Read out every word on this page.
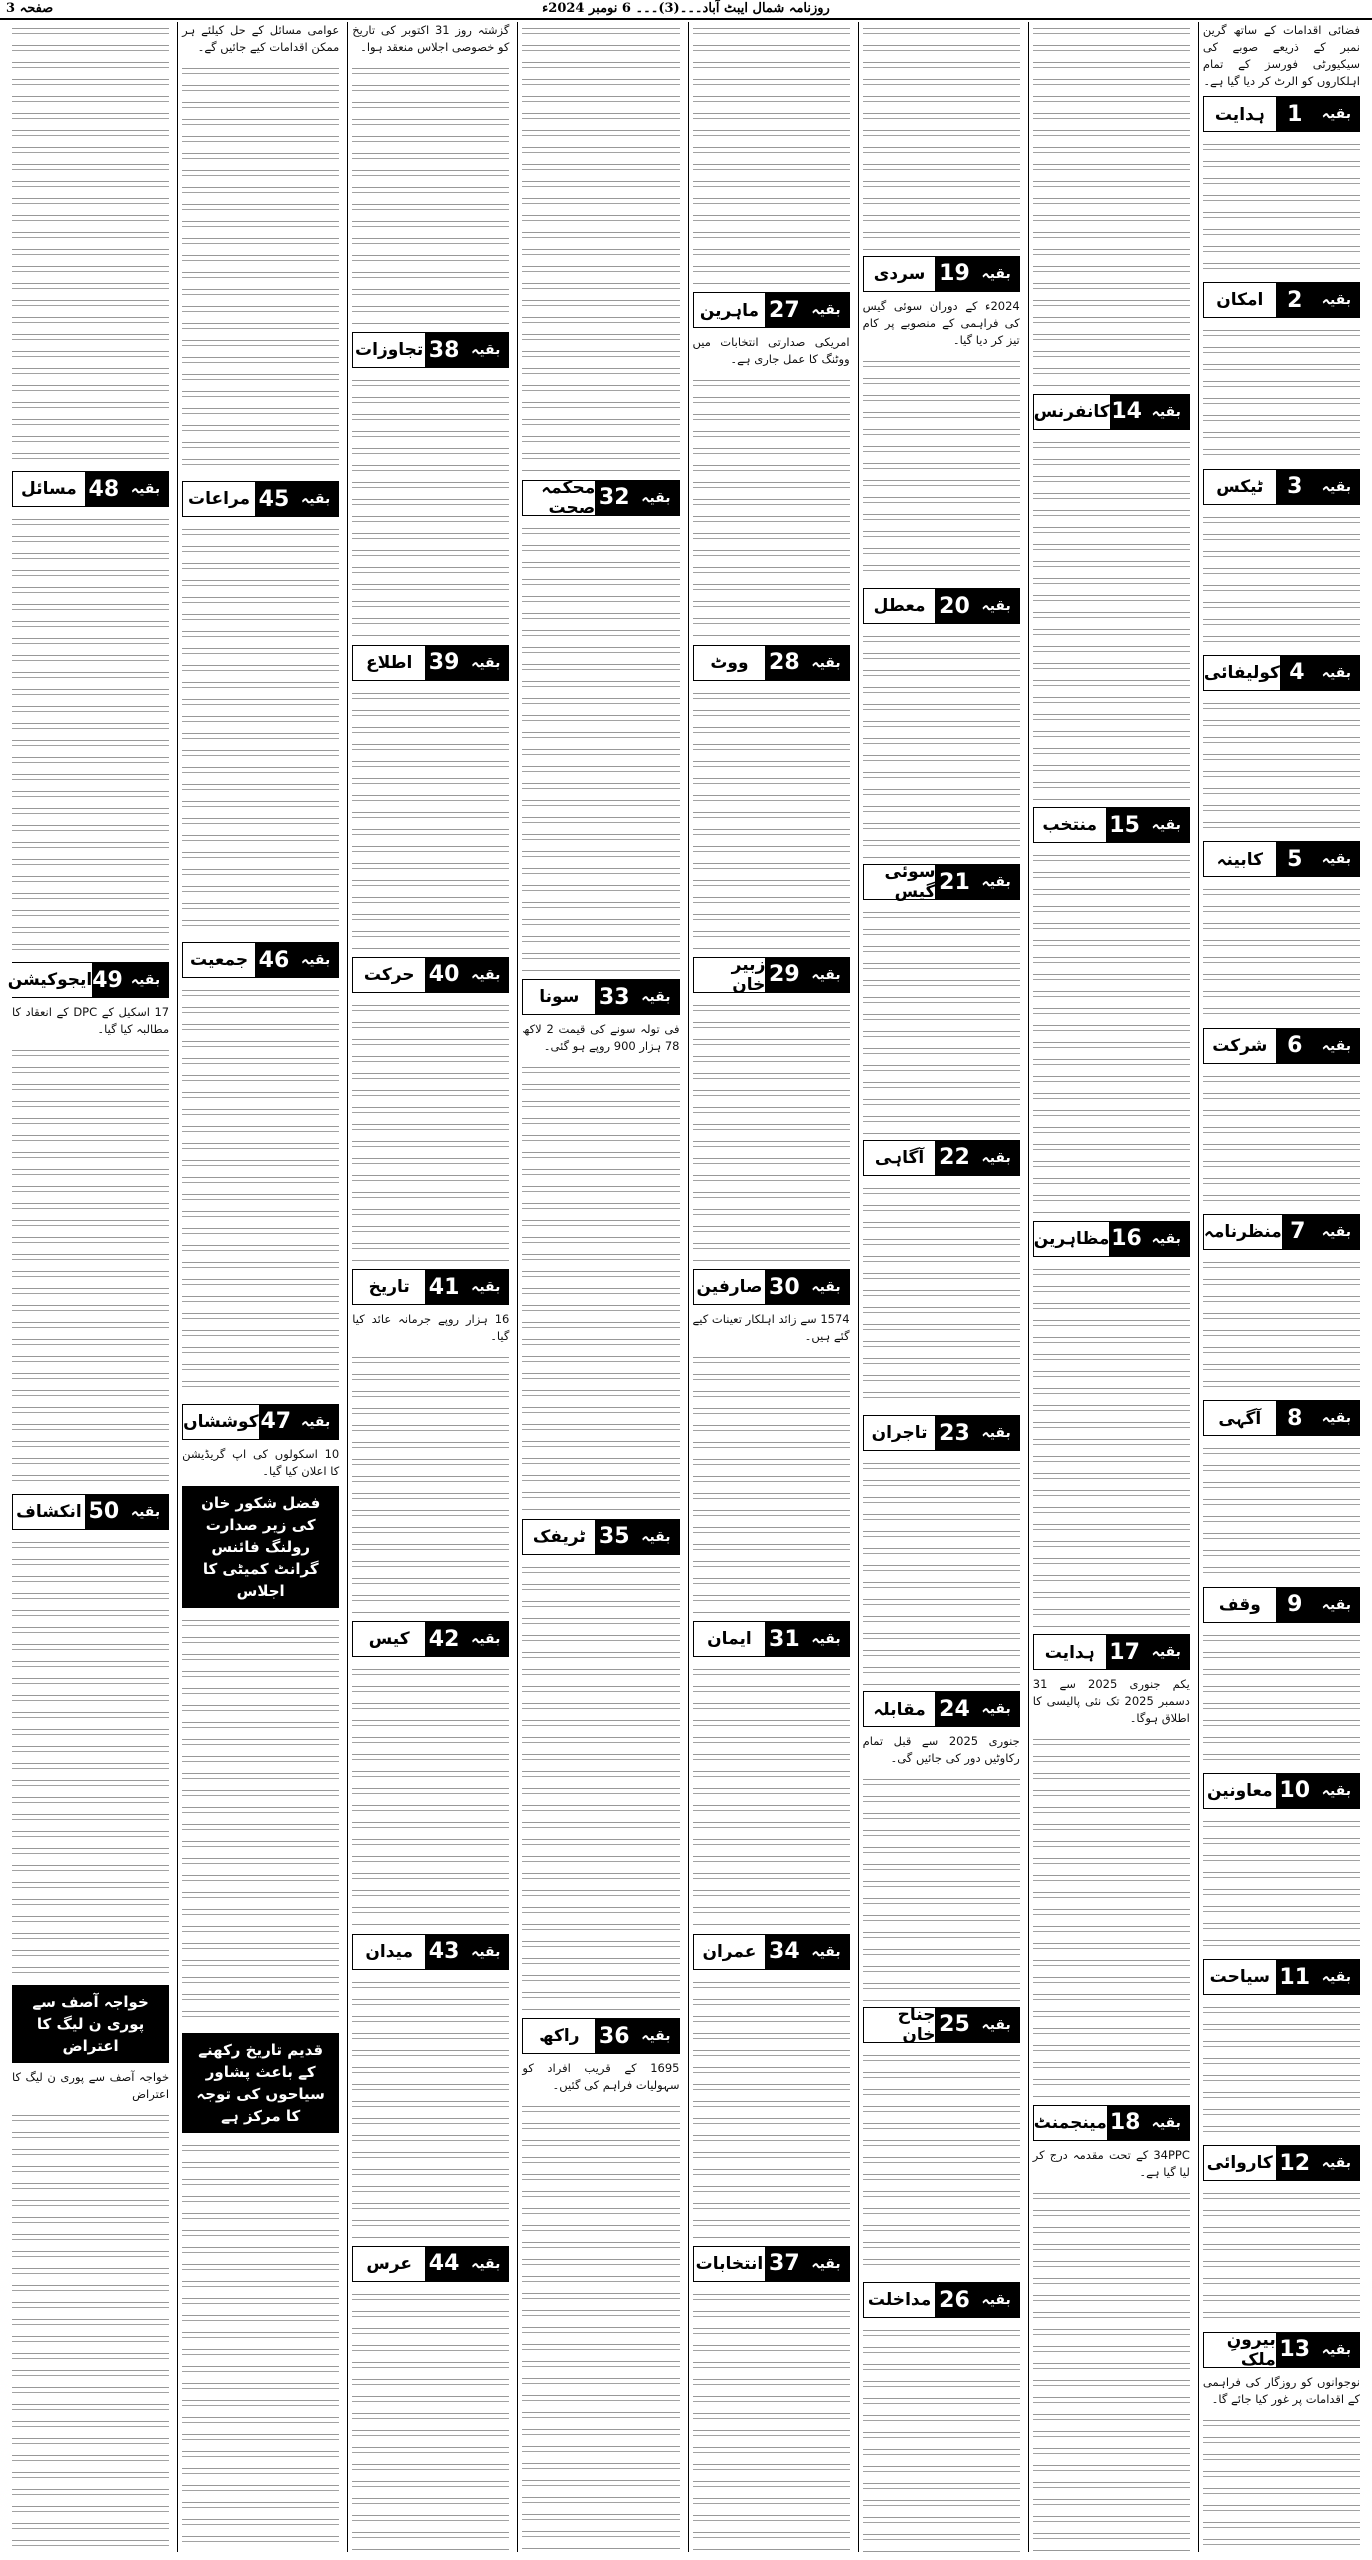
روزنامہ شمال ایبٹ آباد۔۔۔(3)۔۔۔ 6 نومبر 2024ء
صفحہ 3
فضائی اقدامات کے ساتھ گرین نمبر کے ذریعے صوبے کی سیکیورٹی فورسز کے تمام اہلکاروں کو الرٹ کر دیا گیا ہے۔
بقیہ
1
ہدایت
بقیہ
2
امکان
بقیہ
3
ٹیکس
بقیہ
4
کولیفائی
بقیہ
5
کابینہ
بقیہ
6
شرکت
بقیہ
7
منظرنامہ
بقیہ
8
آگہی
بقیہ
9
وقف
بقیہ
10
معاونین
بقیہ
11
سیاحت
بقیہ
12
کاروائی
بقیہ
13
بیرونِ ملک
نوجوانوں کو روزگار کی فراہمی کے اقدامات پر غور کیا جائے گا۔
بقیہ
14
کانفرنس
بقیہ
15
منتخب
بقیہ
16
مظاہرین
بقیہ
17
ہدایت
یکم جنوری 2025 سے 31 دسمبر 2025 تک نئی پالیسی کا اطلاق ہوگا۔
بقیہ
18
مینجمنٹ
34PPC کے تحت مقدمہ درج کر لیا گیا ہے۔
بقیہ
19
سردی
2024ء کے دوران سوئی گیس کی فراہمی کے منصوبے پر کام تیز کر دیا گیا۔
بقیہ
20
معطل
بقیہ
21
سوئی گیس
بقیہ
22
آگاہی
بقیہ
23
تاجران
بقیہ
24
مقابلہ
جنوری 2025 سے قبل تمام رکاوٹیں دور کی جائیں گی۔
بقیہ
25
جناح خان
بقیہ
26
مداخلت
بقیہ
27
ماہرین
امریکی صدارتی انتخابات میں ووٹنگ کا عمل جاری ہے۔
بقیہ
28
ووٹ
بقیہ
29
زبیر خان
بقیہ
30
صارفین
1574 سے زائد اہلکار تعینات کیے گئے ہیں۔
بقیہ
31
ایمان
بقیہ
34
عمران
بقیہ
37
انتخابات
بقیہ
32
محکمہ صحت
بقیہ
33
سونا
فی تولہ سونے کی قیمت 2 لاکھ 78 ہزار 900 روپے ہو گئی۔
بقیہ
35
ٹریفک
بقیہ
36
راکھ
1695 کے قریب افراد کو سہولیات فراہم کی گئیں۔
گزشتہ روز 31 اکتوبر کی تاریخ کو خصوصی اجلاس منعقد ہوا۔
بقیہ
38
تجاوزات
بقیہ
39
اطلاع
بقیہ
40
حرکت
بقیہ
41
تاریخ
16 ہزار روپے جرمانہ عائد کیا گیا۔
بقیہ
42
کیس
بقیہ
43
میدان
بقیہ
44
عرس
عوامی مسائل کے حل کیلئے ہر ممکن اقدامات کیے جائیں گے۔
بقیہ
45
مراعات
بقیہ
46
جمعیت
بقیہ
47
کوششاں
10 اسکولوں کی اپ گریڈیشن کا اعلان کیا گیا۔
فضل شکور خان کی زیر صدارت رولنگ فائنس گرانٹ کمیٹی کا اجلاس
قدیم تاریخ رکھنے کے باعث پشاور سیاحوں کی توجہ کا مرکز ہے
بقیہ
48
مسائل
بقیہ
49
ایجوکیشن
17 اسکیل کے DPC کے انعقاد کا مطالبہ کیا گیا۔
بقیہ
50
انکشاف
خواجہ آصف سے پوری ن لیگ کا اعتراض
خواجہ آصف سے پوری ن لیگ کا اعتراض
